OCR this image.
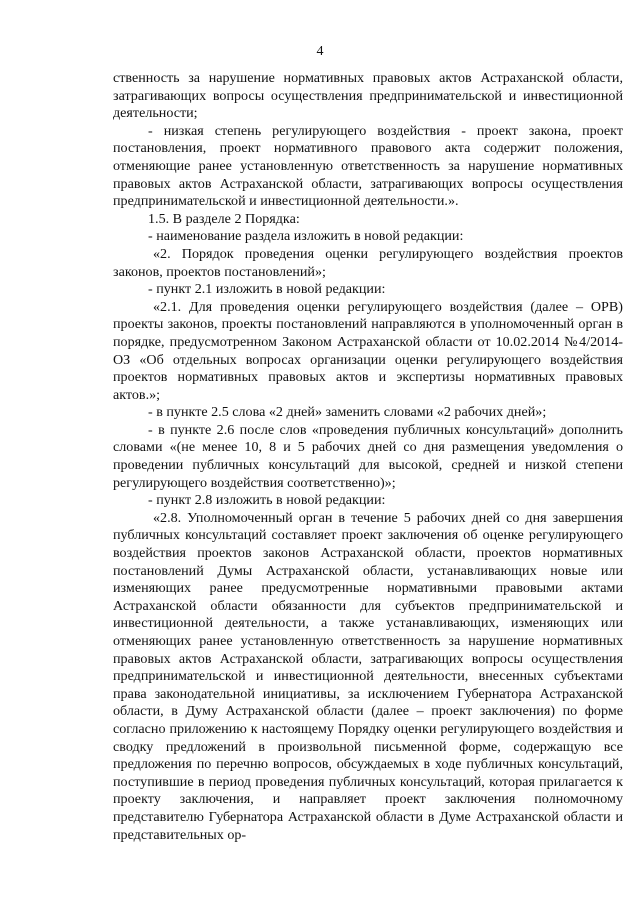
4

ственность за нарушение нормативных правовых актов Астраханской области, затрагивающих вопросы осуществления предпринимательской и инвестиционной деятельности;

- низкая степень регулирующего воздействия - проект закона, проект постановления, проект нормативного правового акта содержит положения, отменяющие ранее установленную ответственность за нарушение нормативных правовых актов Астраханской области, затрагивающих вопросы осуществления предпринимательской и инвестиционной деятельности.».

1.5. В разделе 2 Порядка:

- наименование раздела изложить в новой редакции:

«2. Порядок проведения оценки регулирующего воздействия проектов законов, проектов постановлений»;

- пункт 2.1 изложить в новой редакции:

«2.1. Для проведения оценки регулирующего воздействия (далее – ОРВ) проекты законов, проекты постановлений направляются в уполномоченный орган в порядке, предусмотренном Законом Астраханской области от 10.02.2014 №4/2014-ОЗ «Об отдельных вопросах организации оценки регулирующего воздействия проектов нормативных правовых актов и экспертизы нормативных правовых актов.»;

- в пункте 2.5 слова «2 дней» заменить словами «2 рабочих дней»;

- в пункте 2.6 после слов «проведения публичных консультаций» дополнить словами «(не менее 10, 8 и 5 рабочих дней со дня размещения уведомления о проведении публичных консультаций для высокой, средней и низкой степени регулирующего воздействия соответственно)»;

- пункт 2.8 изложить в новой редакции:

«2.8. Уполномоченный орган в течение 5 рабочих дней со дня завершения публичных консультаций составляет проект заключения об оценке регулирующего воздействия проектов законов Астраханской области, проектов нормативных постановлений Думы Астраханской области, устанавливающих новые или изменяющих ранее предусмотренные нормативными правовыми актами Астраханской области обязанности для субъектов предпринимательской и инвестиционной деятельности, а также устанавливающих, изменяющих или отменяющих ранее установленную ответственность за нарушение нормативных правовых актов Астраханской области, затрагивающих вопросы осуществления предпринимательской и инвестиционной деятельности, внесенных субъектами права законодательной инициативы, за исключением Губернатора Астраханской области, в Думу Астраханской области (далее – проект заключения) по форме согласно приложению к настоящему Порядку оценки регулирующего воздействия и сводку предложений в произвольной письменной форме, содержащую все предложения по перечню вопросов, обсуждаемых в ходе публичных консультаций, поступившие в период проведения публичных консультаций, которая прилагается к проекту заключения, и направляет проект заключения полномочному представителю Губернатора Астраханской области в Думе Астраханской области и представительных ор-
